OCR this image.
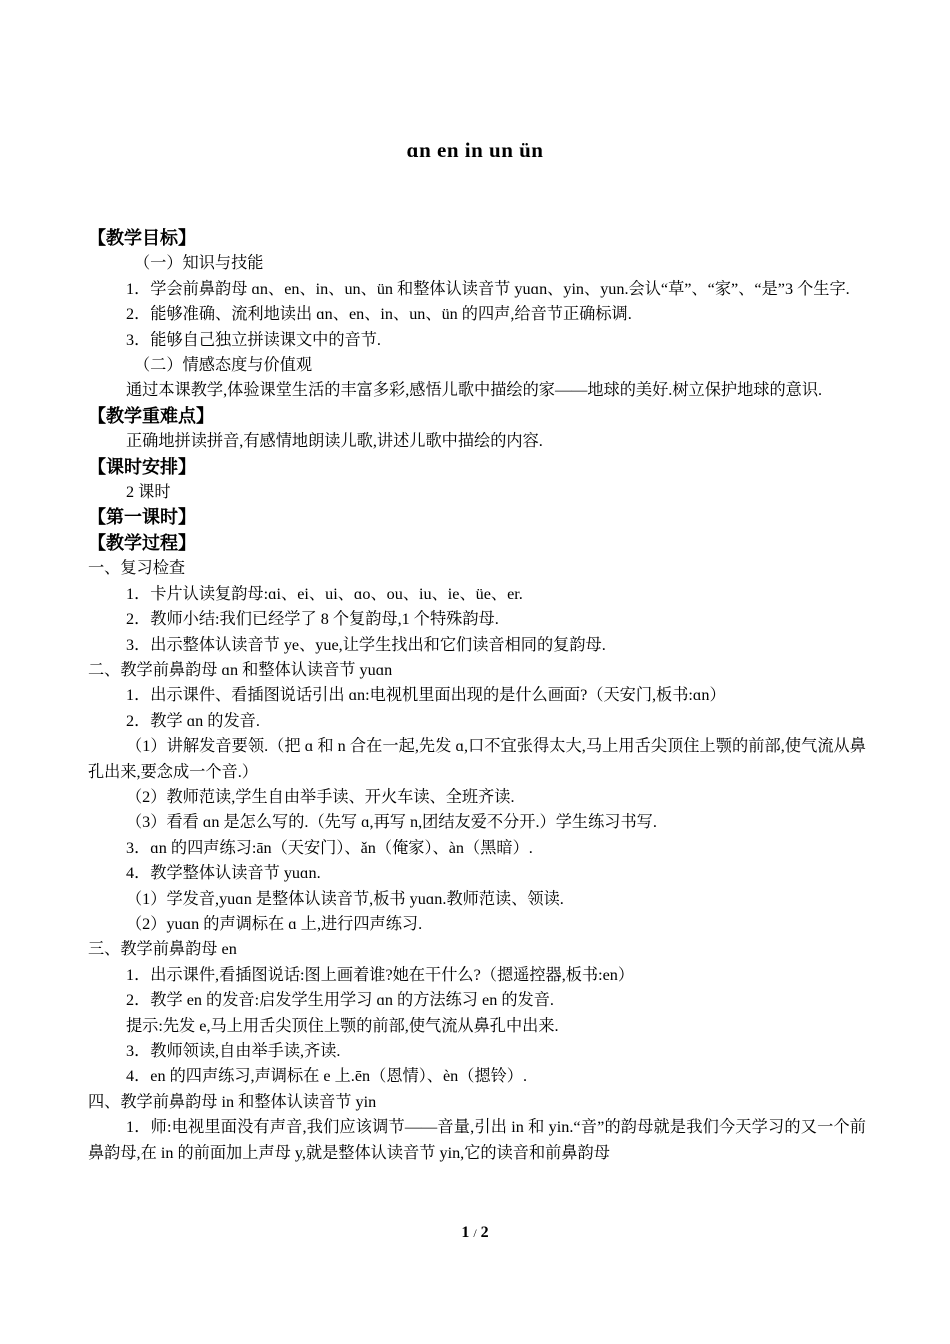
ɑn en in un ün

【教学目标】

（一）知识与技能

1．学会前鼻韵母 ɑn、en、in、un、ün 和整体认读音节 yuɑn、yin、yun.会认“草”、“家”、“是”3 个生字.

2．能够准确、流利地读出 ɑn、en、in、un、ün 的四声,给音节正确标调.

3．能够自己独立拼读课文中的音节.

（二）情感态度与价值观

通过本课教学,体验课堂生活的丰富多彩,感悟儿歌中描绘的家——地球的美好.树立保护地球的意识.

【教学重难点】

正确地拼读拼音,有感情地朗读儿歌,讲述儿歌中描绘的内容.

【课时安排】

2 课时

【第一课时】

【教学过程】

一、复习检查

1．卡片认读复韵母:ɑi、ei、ui、ɑo、ou、iu、ie、üe、er.

2．教师小结:我们已经学了 8 个复韵母,1 个特殊韵母.

3．出示整体认读音节 ye、yue,让学生找出和它们读音相同的复韵母.

二、教学前鼻韵母 ɑn 和整体认读音节 yuɑn

1．出示课件、看插图说话引出 ɑn:电视机里面出现的是什么画面?（天安门,板书:ɑn）

2．教学 ɑn 的发音.

（1）讲解发音要领.（把 ɑ 和 n 合在一起,先发 ɑ,口不宜张得太大,马上用舌尖顶住上颚的前部,使气流从鼻孔出来,要念成一个音.）

（2）教师范读,学生自由举手读、开火车读、全班齐读.

（3）看看 ɑn 是怎么写的.（先写 ɑ,再写 n,团结友爱不分开.）学生练习书写.

3．ɑn 的四声练习:ān（天安门）、ǎn（俺家）、àn（黑暗）.

4．教学整体认读音节 yuɑn.

（1）学发音,yuɑn 是整体认读音节,板书 yuɑn.教师范读、领读.

（2）yuɑn 的声调标在 ɑ 上,进行四声练习.

三、教学前鼻韵母 en

1．出示课件,看插图说话:图上画着谁?她在干什么?（摁遥控器,板书:en）

2．教学 en 的发音:启发学生用学习 ɑn 的方法练习 en 的发音.

提示:先发 e,马上用舌尖顶住上颚的前部,使气流从鼻孔中出来.

3．教师领读,自由举手读,齐读.

4．en 的四声练习,声调标在 e 上.ēn（恩情）、èn（摁铃）.

四、教学前鼻韵母 in 和整体认读音节 yin

1．师:电视里面没有声音,我们应该调节——音量,引出 in 和 yin.“音”的韵母就是我们今天学习的又一个前鼻韵母,在 in 的前面加上声母 y,就是整体认读音节 yin,它的读音和前鼻韵母

1 / 2
